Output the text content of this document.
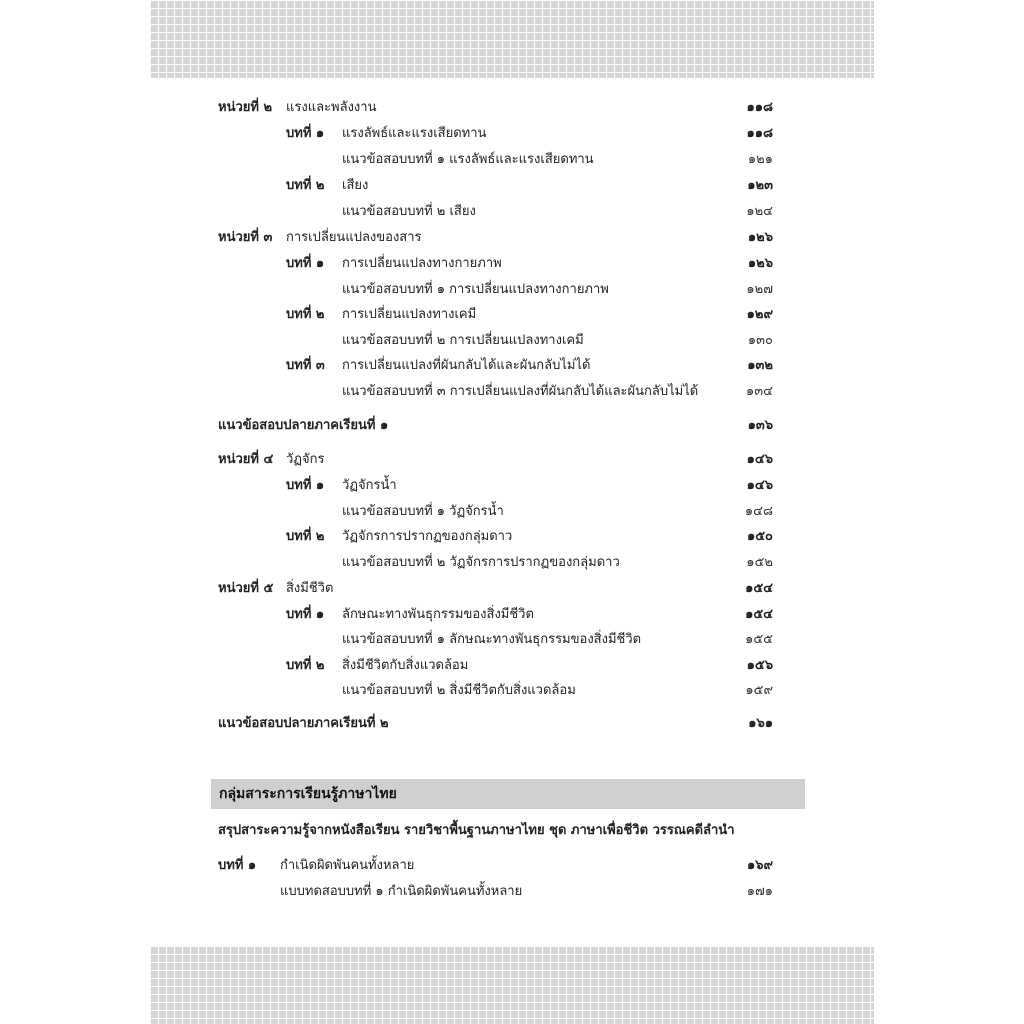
หน่วยที่ ๒ แรงและพลังงาน	๑๑๘
บทที่ ๑ แรงลัพธ์และแรงเสียดทาน	๑๑๘
แนวข้อสอบบทที่ ๑ แรงลัพธ์และแรงเสียดทาน	๑๒๑
บทที่ ๒ เสียง	๑๒๓
แนวข้อสอบบทที่ ๒ เสียง	๑๒๔
หน่วยที่ ๓ การเปลี่ยนแปลงของสาร	๑๒๖
บทที่ ๑ การเปลี่ยนแปลงทางกายภาพ	๑๒๖
แนวข้อสอบบทที่ ๑ การเปลี่ยนแปลงทางกายภาพ	๑๒๗
บทที่ ๒ การเปลี่ยนแปลงทางเคมี	๑๒๙
แนวข้อสอบบทที่ ๒ การเปลี่ยนแปลงทางเคมี	๑๓๐
บทที่ ๓ การเปลี่ยนแปลงที่ผันกลับได้และผันกลับไม่ได้	๑๓๒
แนวข้อสอบบทที่ ๓ การเปลี่ยนแปลงที่ผันกลับได้และผันกลับไม่ได้	๑๓๔
แนวข้อสอบปลายภาคเรียนที่ ๑	๑๓๖
หน่วยที่ ๔ วัฏจักร	๑๔๖
บทที่ ๑ วัฏจักรน้ำ	๑๔๖
แนวข้อสอบบทที่ ๑ วัฏจักรน้ำ	๑๔๘
บทที่ ๒ วัฏจักรการปรากฏของกลุ่มดาว	๑๕๐
แนวข้อสอบบทที่ ๒ วัฏจักรการปรากฏของกลุ่มดาว	๑๕๒
หน่วยที่ ๕ สิ่งมีชีวิต	๑๕๔
บทที่ ๑ ลักษณะทางพันธุกรรมของสิ่งมีชีวิต	๑๕๔
แนวข้อสอบบทที่ ๑ ลักษณะทางพันธุกรรมของสิ่งมีชีวิต	๑๕๕
บทที่ ๒ สิ่งมีชีวิตกับสิ่งแวดล้อม	๑๕๖
แนวข้อสอบบทที่ ๒ สิ่งมีชีวิตกับสิ่งแวดล้อม	๑๕๙
แนวข้อสอบปลายภาคเรียนที่ ๒	๑๖๑
กลุ่มสาระการเรียนรู้ภาษาไทย
สรุปสาระความรู้จากหนังสือเรียน รายวิชาพื้นฐานภาษาไทย ชุด ภาษาเพื่อชีวิต วรรณคดีลำนำ
บทที่ ๑ กำเนิดผิดพันคนทั้งหลาย	๑๖๙
แบบทดสอบบทที่ ๑ กำเนิดผิดพันคนทั้งหลาย	๑๗๑
